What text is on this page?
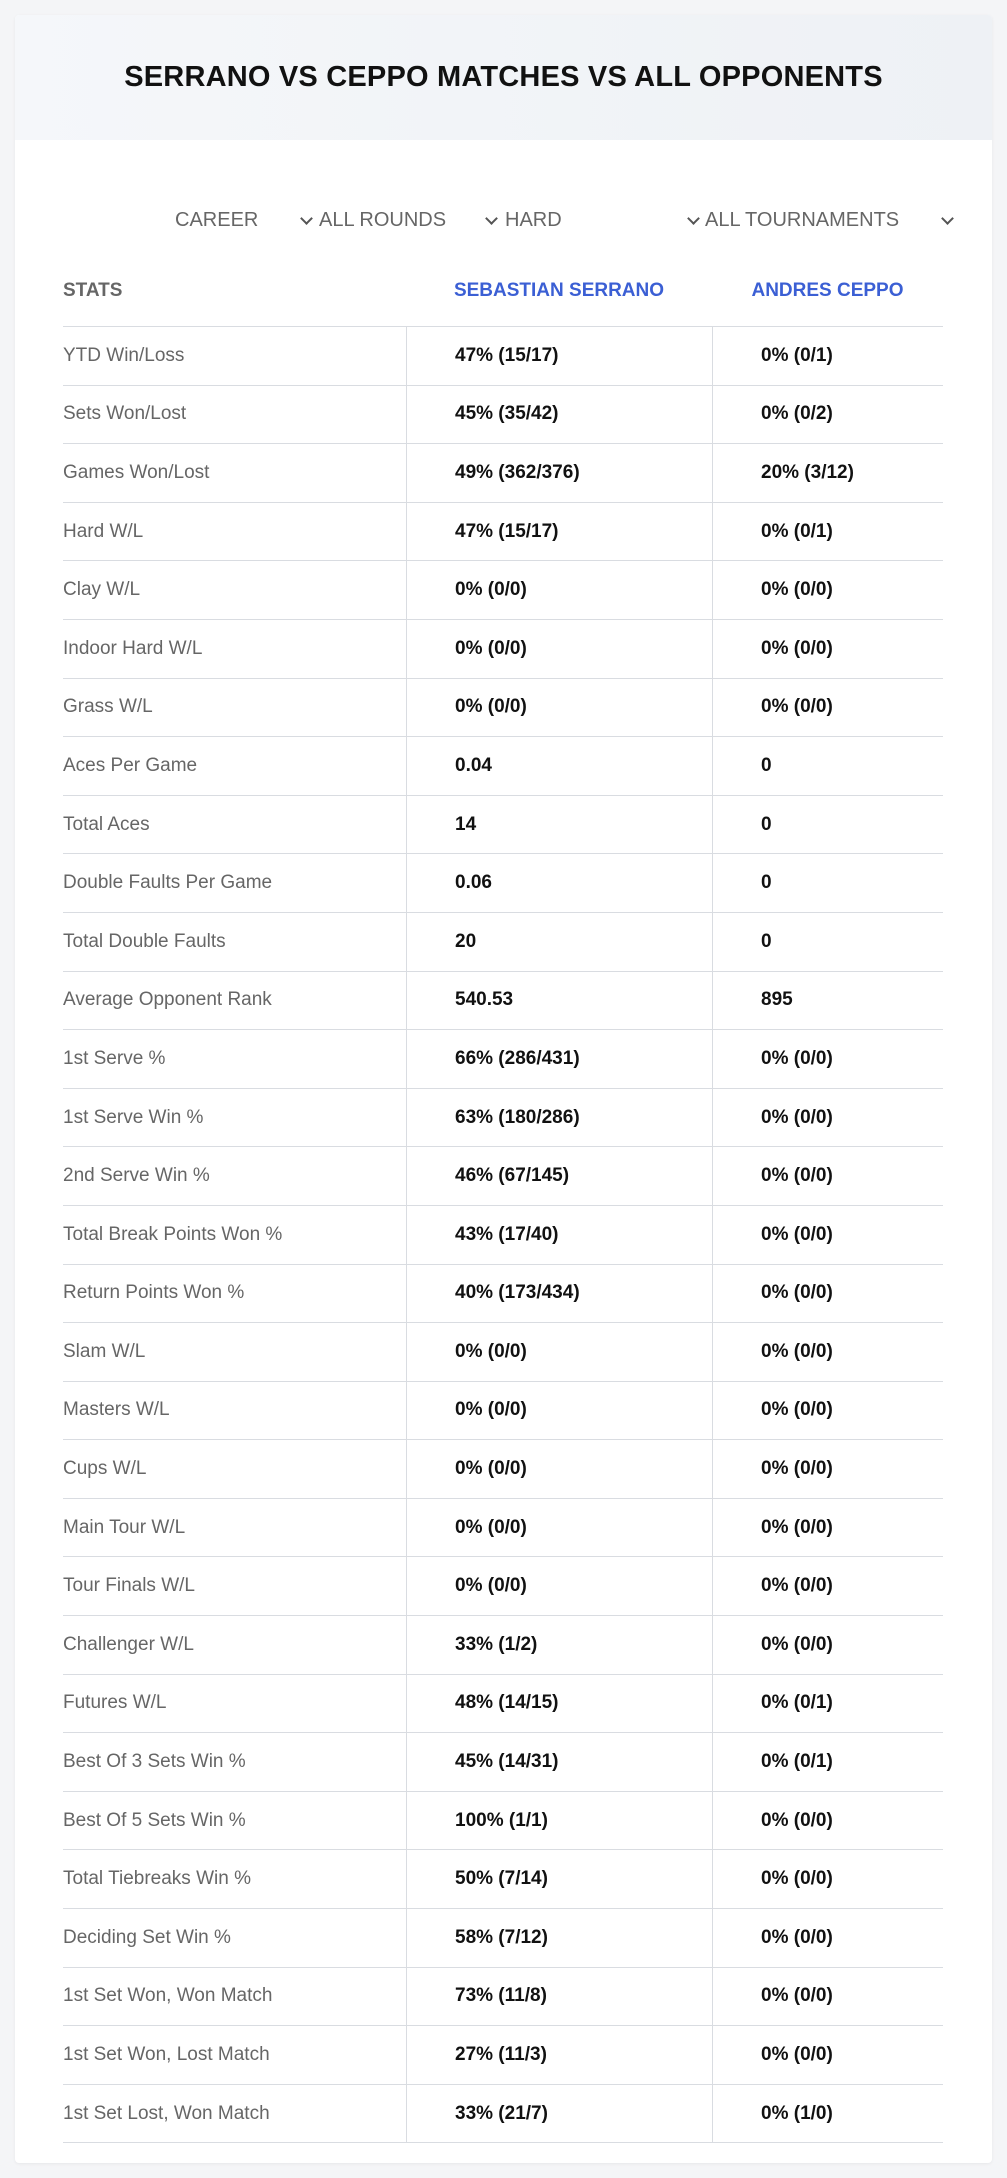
SERRANO VS CEPPO MATCHES VS ALL OPPONENTS
CAREER	ALL ROUNDS	HARD	ALL TOURNAMENTS
STATS	SEBASTIAN SERRANO	ANDRES CEPPO
YTD Win/Loss	47% (15/17)	0% (0/1)
Sets Won/Lost	45% (35/42)	0% (0/2)
Games Won/Lost	49% (362/376)	20% (3/12)
Hard W/L	47% (15/17)	0% (0/1)
Clay W/L	0% (0/0)	0% (0/0)
Indoor Hard W/L	0% (0/0)	0% (0/0)
Grass W/L	0% (0/0)	0% (0/0)
Aces Per Game	0.04	0
Total Aces	14	0
Double Faults Per Game	0.06	0
Total Double Faults	20	0
Average Opponent Rank	540.53	895
1st Serve %	66% (286/431)	0% (0/0)
1st Serve Win %	63% (180/286)	0% (0/0)
2nd Serve Win %	46% (67/145)	0% (0/0)
Total Break Points Won %	43% (17/40)	0% (0/0)
Return Points Won %	40% (173/434)	0% (0/0)
Slam W/L	0% (0/0)	0% (0/0)
Masters W/L	0% (0/0)	0% (0/0)
Cups W/L	0% (0/0)	0% (0/0)
Main Tour W/L	0% (0/0)	0% (0/0)
Tour Finals W/L	0% (0/0)	0% (0/0)
Challenger W/L	33% (1/2)	0% (0/0)
Futures W/L	48% (14/15)	0% (0/1)
Best Of 3 Sets Win %	45% (14/31)	0% (0/1)
Best Of 5 Sets Win %	100% (1/1)	0% (0/0)
Total Tiebreaks Win %	50% (7/14)	0% (0/0)
Deciding Set Win %	58% (7/12)	0% (0/0)
1st Set Won, Won Match	73% (11/8)	0% (0/0)
1st Set Won, Lost Match	27% (11/3)	0% (0/0)
1st Set Lost, Won Match	33% (21/7)	0% (1/0)
